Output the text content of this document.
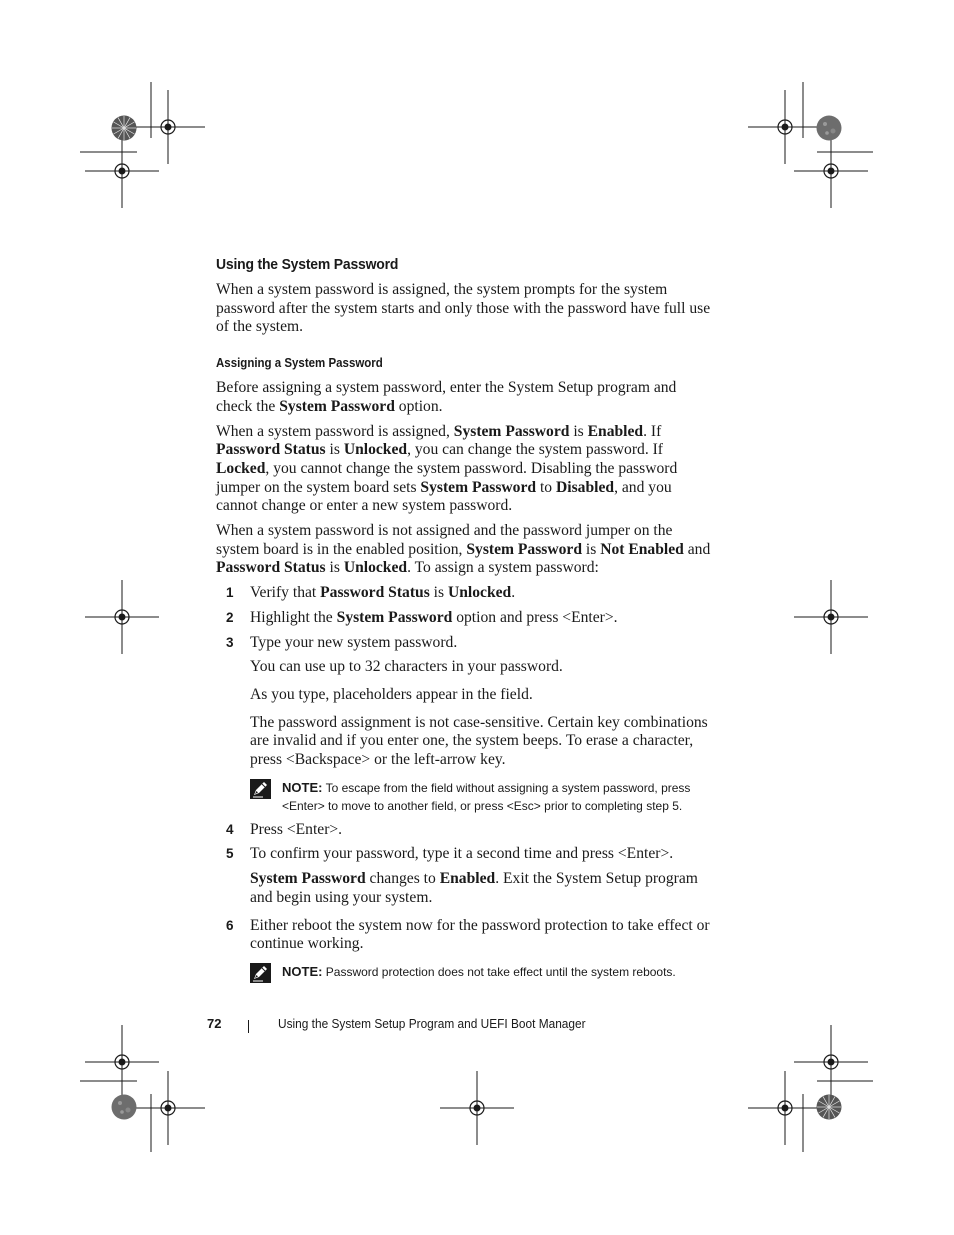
Using the System Password

When a system password is assigned, the system prompts for the system password after the system starts and only those with the password have full use of the system.

Assigning a System Password

Before assigning a system password, enter the System Setup program and check the System Password option.

When a system password is assigned, System Password is Enabled. If Password Status is Unlocked, you can change the system password. If Locked, you cannot change the system password. Disabling the password jumper on the system board sets System Password to Disabled, and you cannot change or enter a new system password.

When a system password is not assigned and the password jumper on the system board is in the enabled position, System Password is Not Enabled and Password Status is Unlocked. To assign a system password:

1 Verify that Password Status is Unlocked.

2 Highlight the System Password option and press <Enter>.

3 Type your new system password.

You can use up to 32 characters in your password.

As you type, placeholders appear in the field.

The password assignment is not case-sensitive. Certain key combinations are invalid and if you enter one, the system beeps. To erase a character, press <Backspace> or the left-arrow key.

NOTE: To escape from the field without assigning a system password, press <Enter> to move to another field, or press <Esc> prior to completing step 5.
4 Press <Enter>.

5 To confirm your password, type it a second time and press <Enter>.

System Password changes to Enabled. Exit the System Setup program and begin using your system.

6 Either reboot the system now for the password protection to take effect or continue working.

NOTE: Password protection does not take effect until the system reboots.
72	Using the System Setup Program and UEFI Boot Manager
